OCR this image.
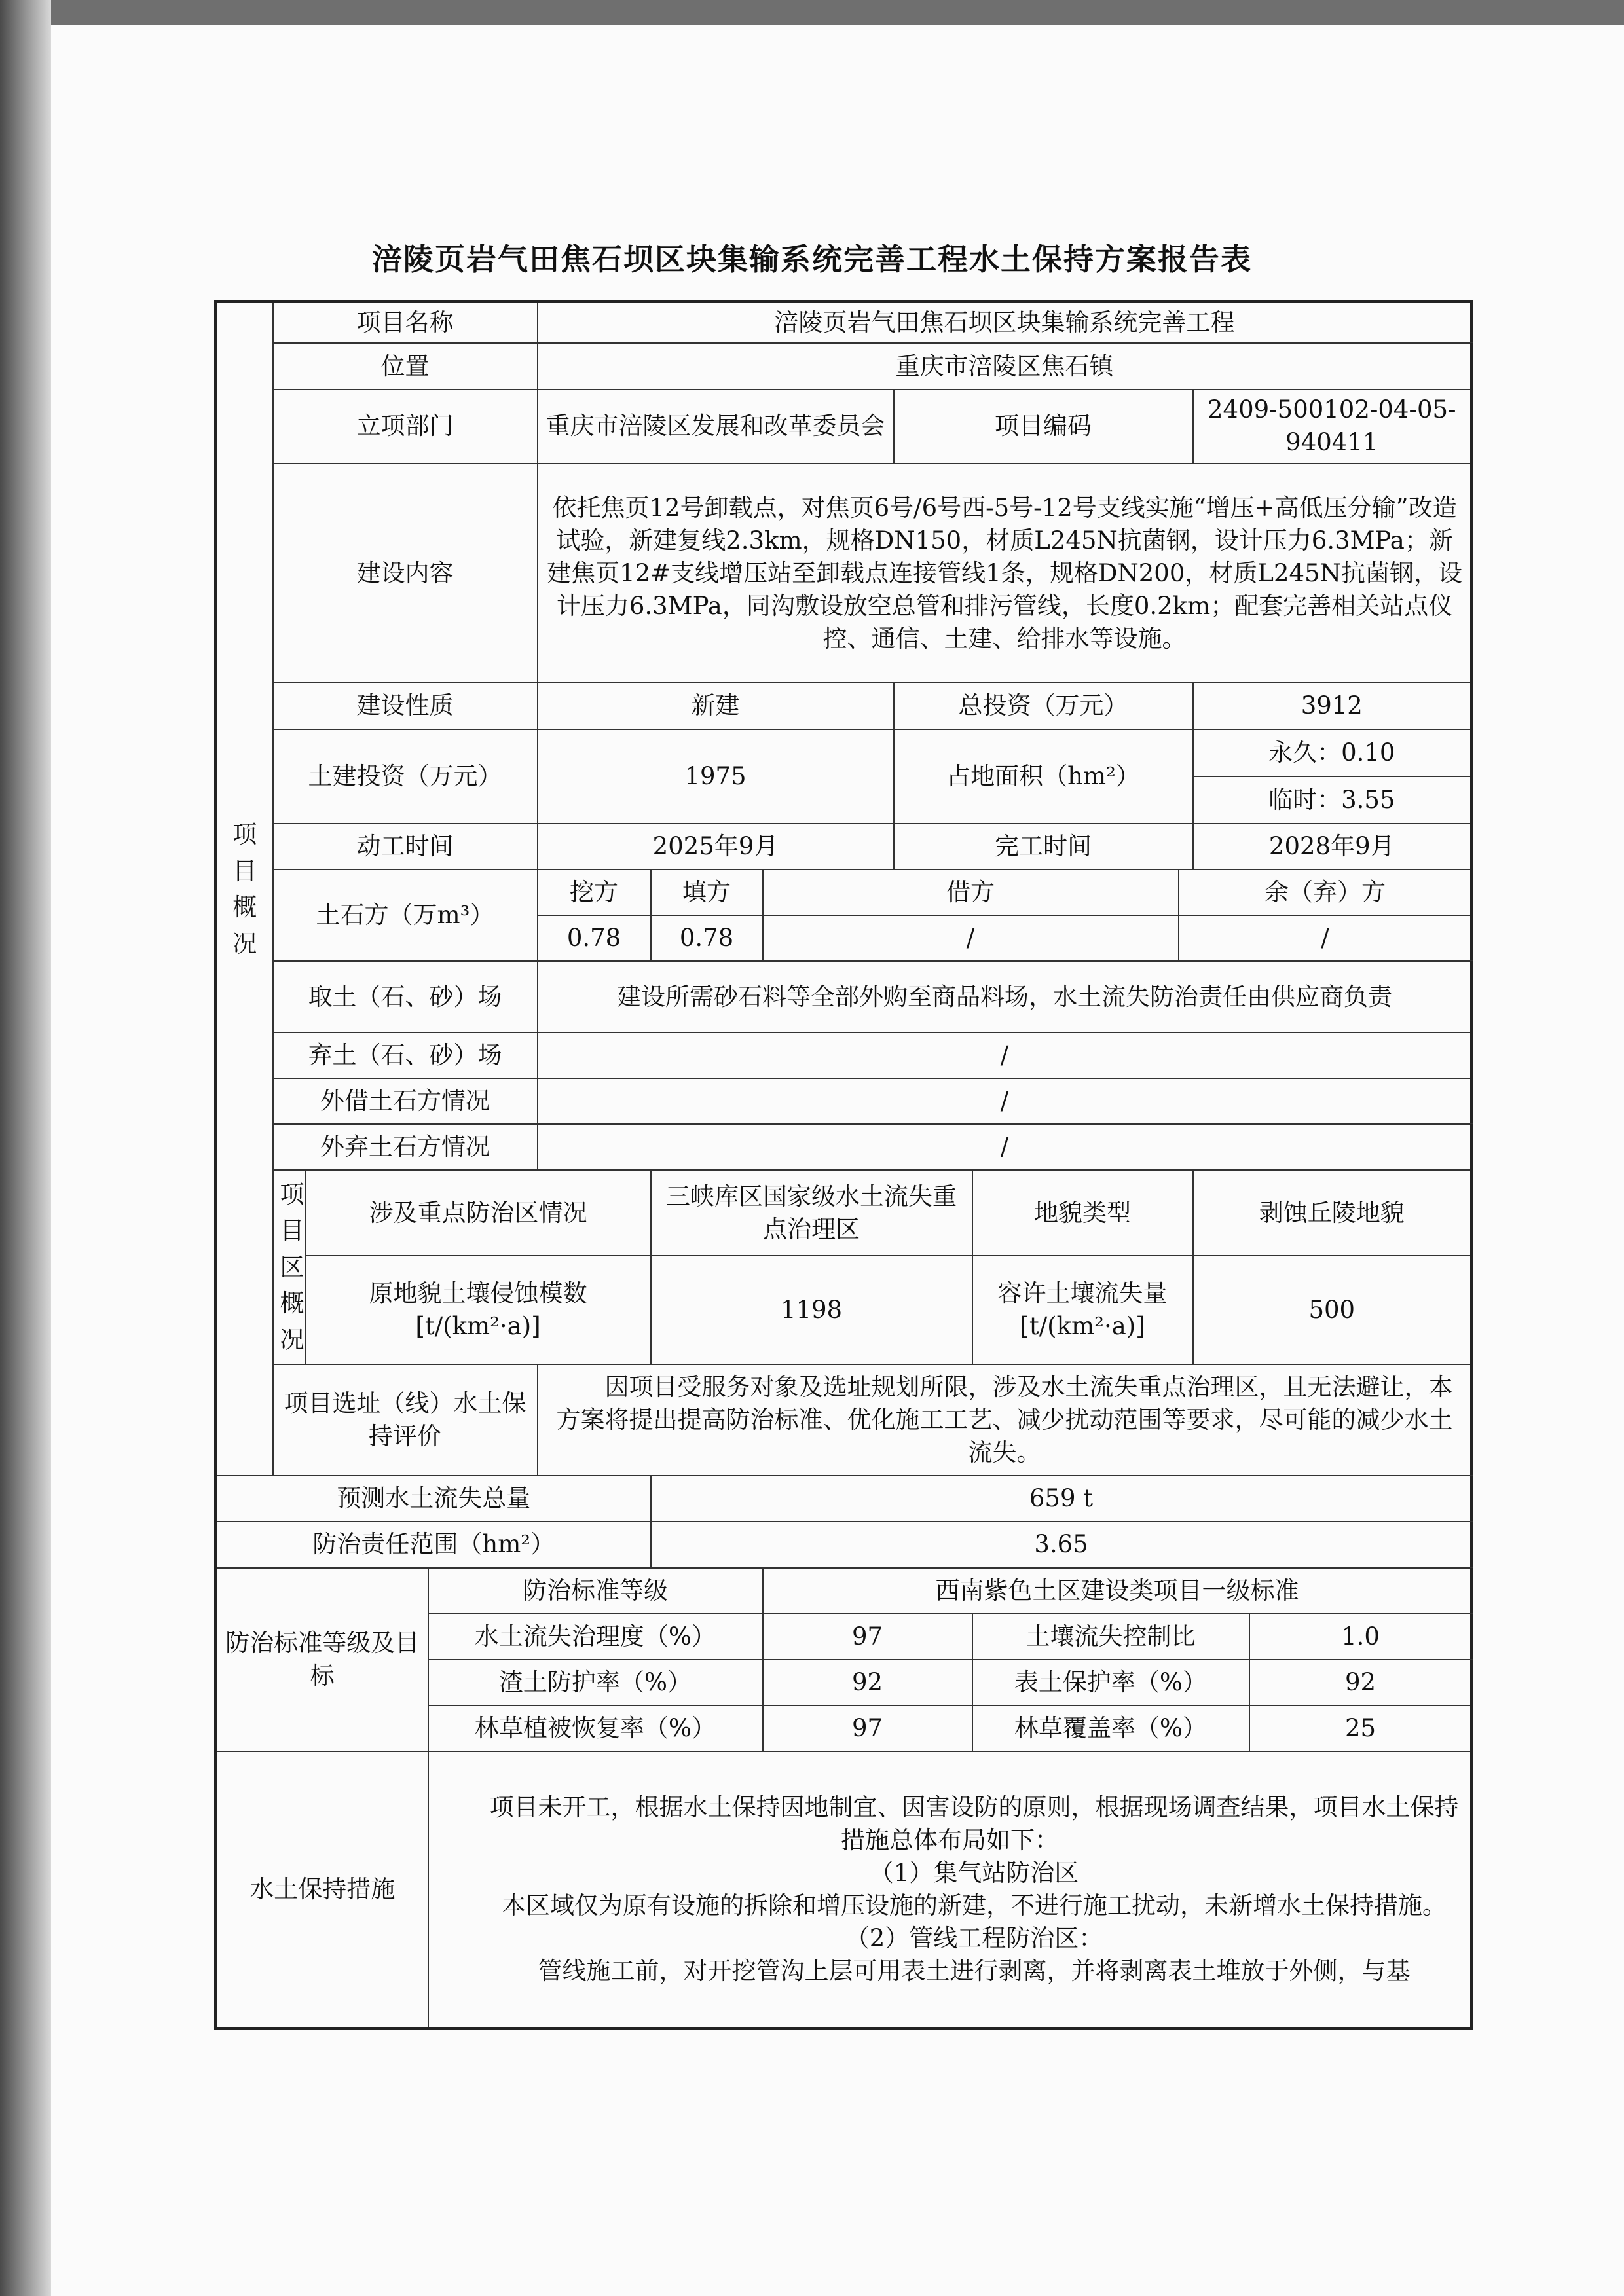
涪陵页岩气田焦石坝区块集输系统完善工程水土保持方案报告表
项目概况	项目名称			涪陵页岩气田焦石坝区块集输系统完善工程							
	位置			重庆市涪陵区焦石镇							
	立项部门			重庆市涪陵区发展和改革委员会			项目编码			2409-500102-04-05-940411	
	建设内容			依托焦页12号卸载点，对焦页6号/6号西-5号-12号支线实施“增压+高低压分输”改造试验，新建复线2.3km，规格DN150，材质L245N抗菌钢，设计压力6.3MPa；新建焦页12#支线增压站至卸载点连接管线1条，规格DN200，材质L245N抗菌钢，设计压力6.3MPa，同沟敷设放空总管和排污管线，长度0.2km；配套完善相关站点仪控、通信、土建、给排水等设施。							
	建设性质			新建			总投资（万元）			3912	
	土建投资（万元）			1975			占地面积（hm²）			永久：0.10	
										临时：3.55	
	动工时间			2025年9月			完工时间			2028年9月	
	土石方（万m³）			挖方	填方	借方			余（弃）方		
				0.78	0.78	/			/		
	取土（石、砂）场			建设所需砂石料等全部外购至商品料场，水土流失防治责任由供应商负责							
	弃土（石、砂）场			/							
	外借土石方情况			/							
	外弃土石方情况			/							

	项目区概况	涉及重点防治区情况			三峡库区国家级水土流失重点治理区			地貌类型		剥蚀丘陵地貌	
		原地貌土壤侵蚀模数[t/(km²·a)]			1198			容许土壤流失量[t/(km²·a)]		500	
	项目选址（线）水土保持评价			因项目受服务对象及选址规划所限，涉及水土流失重点治理区，且无法避让，本方案将提出提高防治标准、优化施工工艺、减少扰动范围等要求，尽可能的减少水土流失。							

预测水土流失总量					659 t						
防治责任范围（hm²）					3.65						
防治标准等级及目标			防治标准等级			西南紫色土区建设类项目一级标准					
			水土流失治理度（%）			97		土壤流失控制比			1.0
			渣土防护率（%）			92		表土保护率（%）			92
			林草植被恢复率（%）			97		林草覆盖率（%）			25
水土保持措施			项目未开工，根据水土保持因地制宜、因害设防的原则，根据现场调查结果，项目水土保持措施总体布局如下：

（1）集气站防治区

本区域仅为原有设施的拆除和增压设施的新建，不进行施工扰动，未新增水土保持措施。

（2）管线工程防治区：

管线施工前，对开挖管沟上层可用表土进行剥离，并将剥离表土堆放于外侧，与基								
